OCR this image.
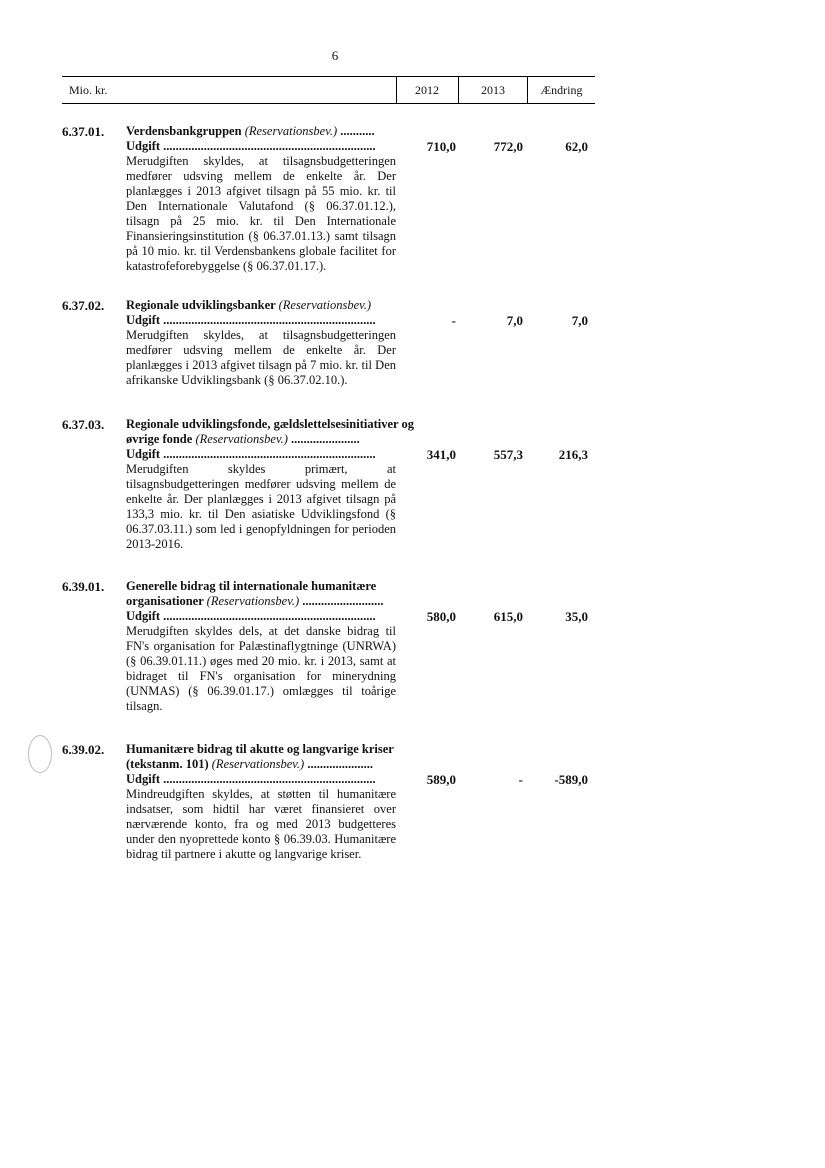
6
Mio. kr.	2012	2013	Ændring
6.37.01. Verdensbankgruppen (Reservationsbev.) ...........
Udgift ....................................................................
Merudgiften skyldes, at tilsagnsbudgetteringen medfører udsving mellem de enkelte år. Der planlægges i 2013 afgivet tilsagn på 55 mio. kr. til Den Internationale Valutafond (§ 06.37.01.12.), tilsagn på 25 mio. kr. til Den Internationale Finansieringsinstitution (§ 06.37.01.13.) samt tilsagn på 10 mio. kr. til Verdensbankens globale facilitet for katastrofeforebyggelse (§ 06.37.01.17.).
710,0	772,0	62,0
6.37.02. Regionale udviklingsbanker (Reservationsbev.)
Udgift ....................................................................
Merudgiften skyldes, at tilsagnsbudgetteringen medfører udsving mellem de enkelte år. Der planlægges i 2013 afgivet tilsagn på 7 mio. kr. til Den afrikanske Udviklingsbank (§ 06.37.02.10.).
-	7,0	7,0
6.37.03. Regionale udviklingsfonde, gældslettelsesinitiativer og øvrige fonde (Reservationsbev.) ......................
Udgift ....................................................................
Merudgiften skyldes primært, at tilsagnsbudgetteringen medfører udsving mellem de enkelte år. Der planlægges i 2013 afgivet tilsagn på 133,3 mio. kr. til Den asiatiske Udviklingsfond (§ 06.37.03.11.) som led i genopfyldningen for perioden 2013-2016.
341,0	557,3	216,3
6.39.01. Generelle bidrag til internationale humanitære organisationer (Reservationsbev.) ..........................
Udgift ....................................................................
Merudgiften skyldes dels, at det danske bidrag til FN's organisation for Palæstinaflygtninge (UNRWA) (§ 06.39.01.11.) øges med 20 mio. kr. i 2013, samt at bidraget til FN's organisation for minerydning (UNMAS) (§ 06.39.01.17.) omlægges til toårige tilsagn.
580,0	615,0	35,0
6.39.02. Humanitære bidrag til akutte og langvarige kriser (tekstanm. 101) (Reservationsbev.) .....................
Udgift ....................................................................
Mindreudgiften skyldes, at støtten til humanitære indsatser, som hidtil har været finansieret over nærværende konto, fra og med 2013 budgetteres under den nyoprettede konto § 06.39.03. Humanitære bidrag til partnere i akutte og langvarige kriser.
589,0	-	-589,0
